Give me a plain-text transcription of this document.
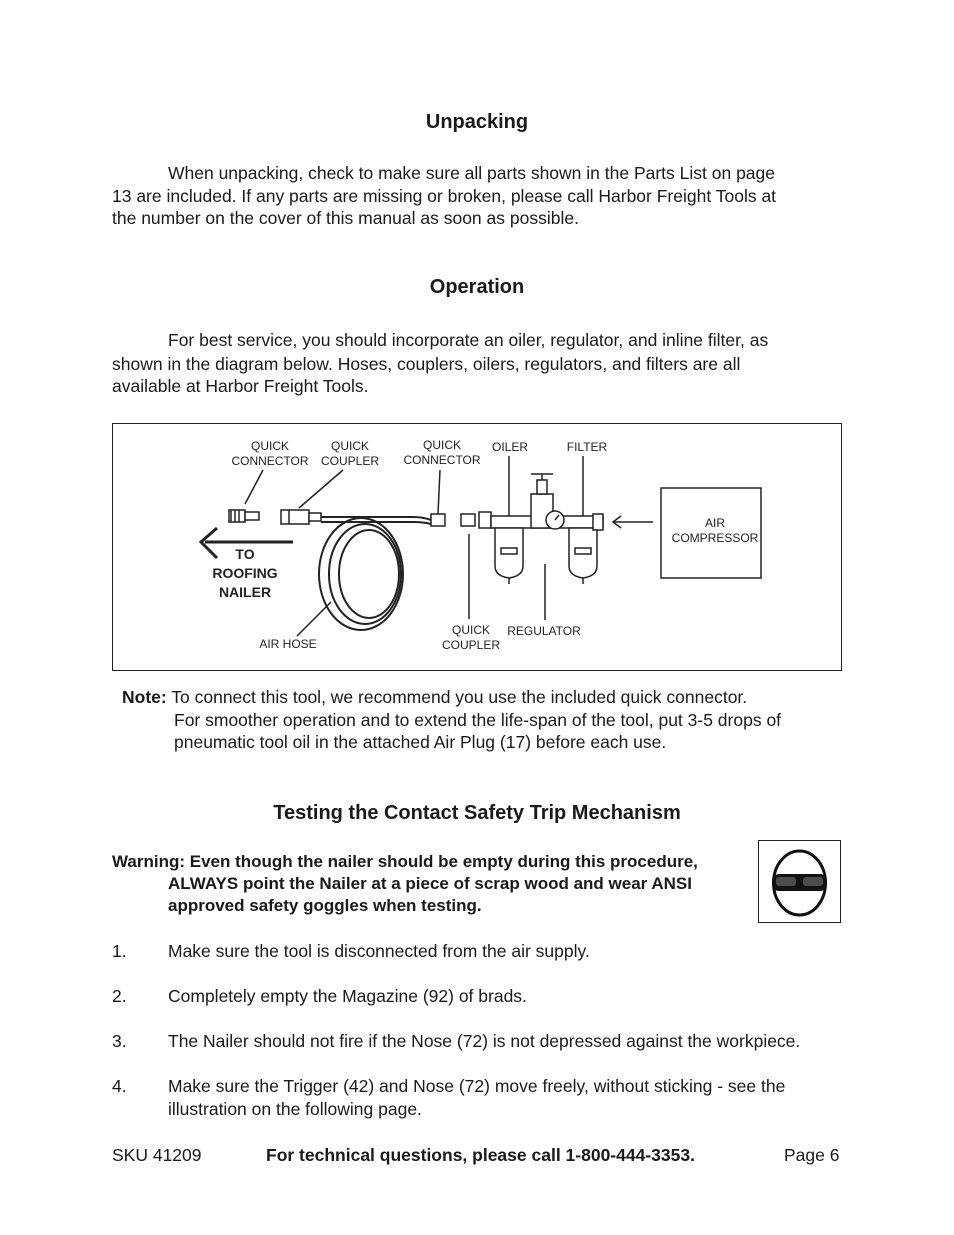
Unpacking
When unpacking, check to make sure all parts shown in the Parts List on page
13 are included. If any parts are missing or broken, please call Harbor Freight Tools at
the number on the cover of this manual as soon as possible.
Operation
For best service, you should incorporate an oiler, regulator, and inline filter, as
shown in the diagram below. Hoses, couplers, oilers, regulators, and filters are all
available at Harbor Freight Tools.
QUICK
CONNECTOR
QUICK
COUPLER
QUICK
CONNECTOR
OILER	FILTER
AIR
COMPRESSOR
AIR HOSE
QUICK
COUPLER
REGULATOR
TO
ROOFING
NAILER
Note: To connect this tool, we recommend you use the included quick connector.
For smoother operation and to extend the life-span of the tool, put 3-5 drops of
pneumatic tool oil in the attached Air Plug (17) before each use.
Testing the Contact Safety Trip Mechanism
Warning: Even though the nailer should be empty during this procedure,
ALWAYS point the Nailer at a piece of scrap wood and wear ANSI
approved safety goggles when testing.
1. Make sure the tool is disconnected from the air supply.
2. Completely empty the Magazine (92) of brads.
3. The Nailer should not fire if the Nose (72) is not depressed against the workpiece.
4. Make sure the Trigger (42) and Nose (72) move freely, without sticking - see the
illustration on the following page.
SKU 41209	For technical questions, please call 1-800-444-3353.	Page 6
